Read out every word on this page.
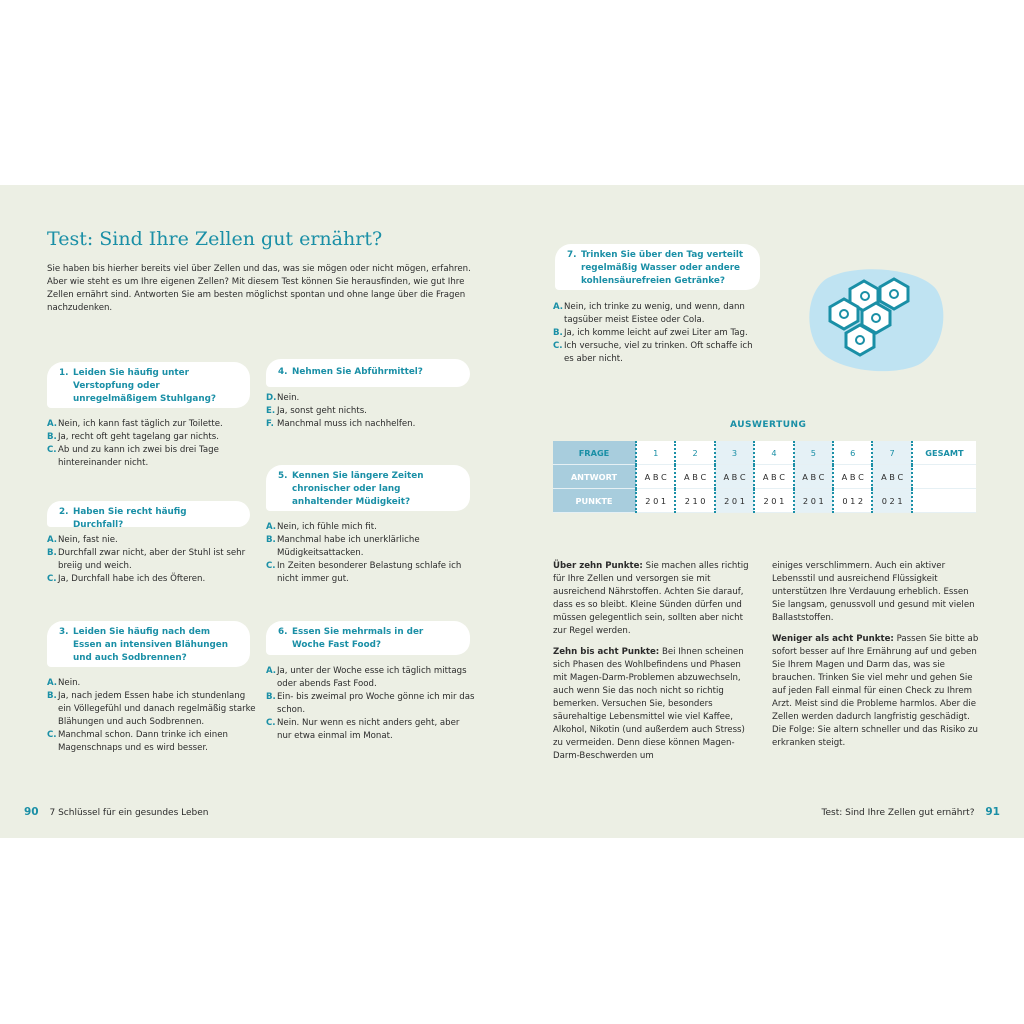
Test: Sind Ihre Zellen gut ernährt?
Sie haben bis hierher bereits viel über Zellen und das, was sie mögen oder nicht mögen, erfahren. Aber wie steht es um Ihre eigenen Zellen? Mit diesem Test können Sie herausfinden, wie gut Ihre Zellen ernährt sind. Antworten Sie am besten möglichst spontan und ohne lange über die Fragen nachzudenken.
1. Leiden Sie häufig unter Verstopfung oder unregelmäßigem Stuhlgang?
A. Nein, ich kann fast täglich zur Toilette.
B. Ja, recht oft geht tagelang gar nichts.
C. Ab und zu kann ich zwei bis drei Tage hintereinander nicht.
2. Haben Sie recht häufig Durchfall?
A. Nein, fast nie.
B. Durchfall zwar nicht, aber der Stuhl ist sehr breiig und weich.
C. Ja, Durchfall habe ich des Öfteren.
3. Leiden Sie häufig nach dem Essen an intensiven Blähungen und auch Sodbrennen?
A. Nein.
B. Ja, nach jedem Essen habe ich stundenlang ein Völlegefühl und danach regelmäßig starke Blähungen und auch Sodbrennen.
C. Manchmal schon. Dann trinke ich einen Magenschnaps und es wird besser.
4. Nehmen Sie Abführmittel?
D. Nein.
E. Ja, sonst geht nichts.
F. Manchmal muss ich nachhelfen.
5. Kennen Sie längere Zeiten chronischer oder lang anhaltender Müdigkeit?
A. Nein, ich fühle mich fit.
B. Manchmal habe ich unerklärliche Müdigkeitsattacken.
C. In Zeiten besonderer Belastung schlafe ich nicht immer gut.
6. Essen Sie mehrmals in der Woche Fast Food?
A. Ja, unter der Woche esse ich täglich mittags oder abends Fast Food.
B. Ein- bis zweimal pro Woche gönne ich mir das schon.
C. Nein. Nur wenn es nicht anders geht, aber nur etwa einmal im Monat.
90 7 Schlüssel für ein gesundes Leben
7. Trinken Sie über den Tag verteilt regelmäßig Wasser oder andere kohlensäurefreien Getränke?
A. Nein, ich trinke zu wenig, und wenn, dann tagsüber meist Eistee oder Cola.
B. Ja, ich komme leicht auf zwei Liter am Tag.
C. Ich versuche, viel zu trinken. Oft schaffe ich es aber nicht.
AUSWERTUNG
FRAGE	1	2	3	4	5	6	7	GESAMT
ANTWORT	A B C	A B C	A B C	A B C	A B C	A B C	A B C	
PUNKTE	2 0 1	2 1 0	2 0 1	2 0 1	2 0 1	0 1 2	0 2 1	

Über zehn Punkte: Sie machen alles richtig für Ihre Zellen und versorgen sie mit ausreichend Nährstoffen. Achten Sie darauf, dass es so bleibt. Kleine Sünden dürfen und müssen gelegentlich sein, sollten aber nicht zur Regel werden.

Zehn bis acht Punkte: Bei Ihnen scheinen sich Phasen des Wohlbefindens und Phasen mit Magen-Darm-Problemen abzuwechseln, auch wenn Sie das noch nicht so richtig bemerken. Versuchen Sie, besonders säurehaltige Lebensmittel wie viel Kaffee, Alkohol, Nikotin (und außerdem auch Stress) zu vermeiden. Denn diese können Magen-Darm-Beschwerden um

einiges verschlimmern. Auch ein aktiver Lebensstil und ausreichend Flüssigkeit unterstützen Ihre Verdauung erheblich. Essen Sie langsam, genussvoll und gesund mit vielen Ballaststoffen.

Weniger als acht Punkte: Passen Sie bitte ab sofort besser auf Ihre Ernährung auf und geben Sie Ihrem Magen und Darm das, was sie brauchen. Trinken Sie viel mehr und gehen Sie auf jeden Fall einmal für einen Check zu Ihrem Arzt. Meist sind die Probleme harmlos. Aber die Zellen werden dadurch langfristig geschädigt. Die Folge: Sie altern schneller und das Risiko zu erkranken steigt.

Test: Sind Ihre Zellen gut ernährt? 91
